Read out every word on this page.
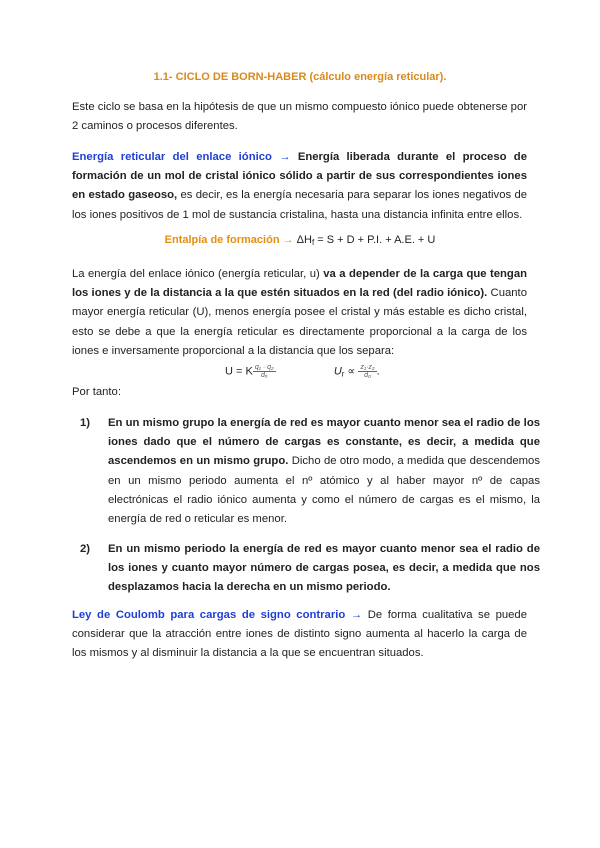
1.1- CICLO DE BORN-HABER (cálculo energía reticular).

Este ciclo se basa en la hipótesis de que un mismo compuesto iónico puede obtenerse por 2 caminos o procesos diferentes.

Energía reticular del enlace iónico → Energía liberada durante el proceso de formación de un mol de cristal iónico sólido a partir de sus correspondientes iones en estado gaseoso, es decir, es la energía necesaria para separar los iones negativos de los iones positivos de 1 mol de sustancia cristalina, hasta una distancia infinita entre ellos.

Entalpía de formación → $\Delta H_f = S + D + P.I$. + A.E. + U

La energía del enlace iónico (energía reticular, u) va a depender de la carga que tengan los iones y de la distancia a la que estén situados en la red (del radio iónico). Cuanto mayor energía reticular (U), menos energía posee el cristal y más estable es dicho cristal, esto se debe a que la energía reticular es directamente proporcional a la carga de los iones e inversamente proporcional a la distancia que los separa:

U = K $\frac{\text{q₁ · q₂}}{\text{dₒ}}$	$U_r \propto \frac{\text{z₁·z₂}}{\text{d₀}}$ .

Por tanto:

1) En un mismo grupo la energía de red es mayor cuanto menor sea el radio de los iones dado que el número de cargas es constante, es decir, a medida que ascendemos en un mismo grupo. Dicho de otro modo, a medida que descendemos en un mismo periodo aumenta el nº atómico y al haber mayor nº de capas electrónicas el radio iónico aumenta y como el número de cargas es el mismo, la energía de red o reticular es menor.
2) En un mismo periodo la energía de red es mayor cuanto menor sea el radio de los iones y cuanto mayor número de cargas posea, es decir, a medida que nos desplazamos hacia la derecha en un mismo periodo.

Ley de Coulomb para cargas de signo contrario → De forma cualitativa se puede considerar que la atracción entre iones de distinto signo aumenta al hacerlo la carga de los mismos y al disminuir la distancia a la que se encuentran situados.
